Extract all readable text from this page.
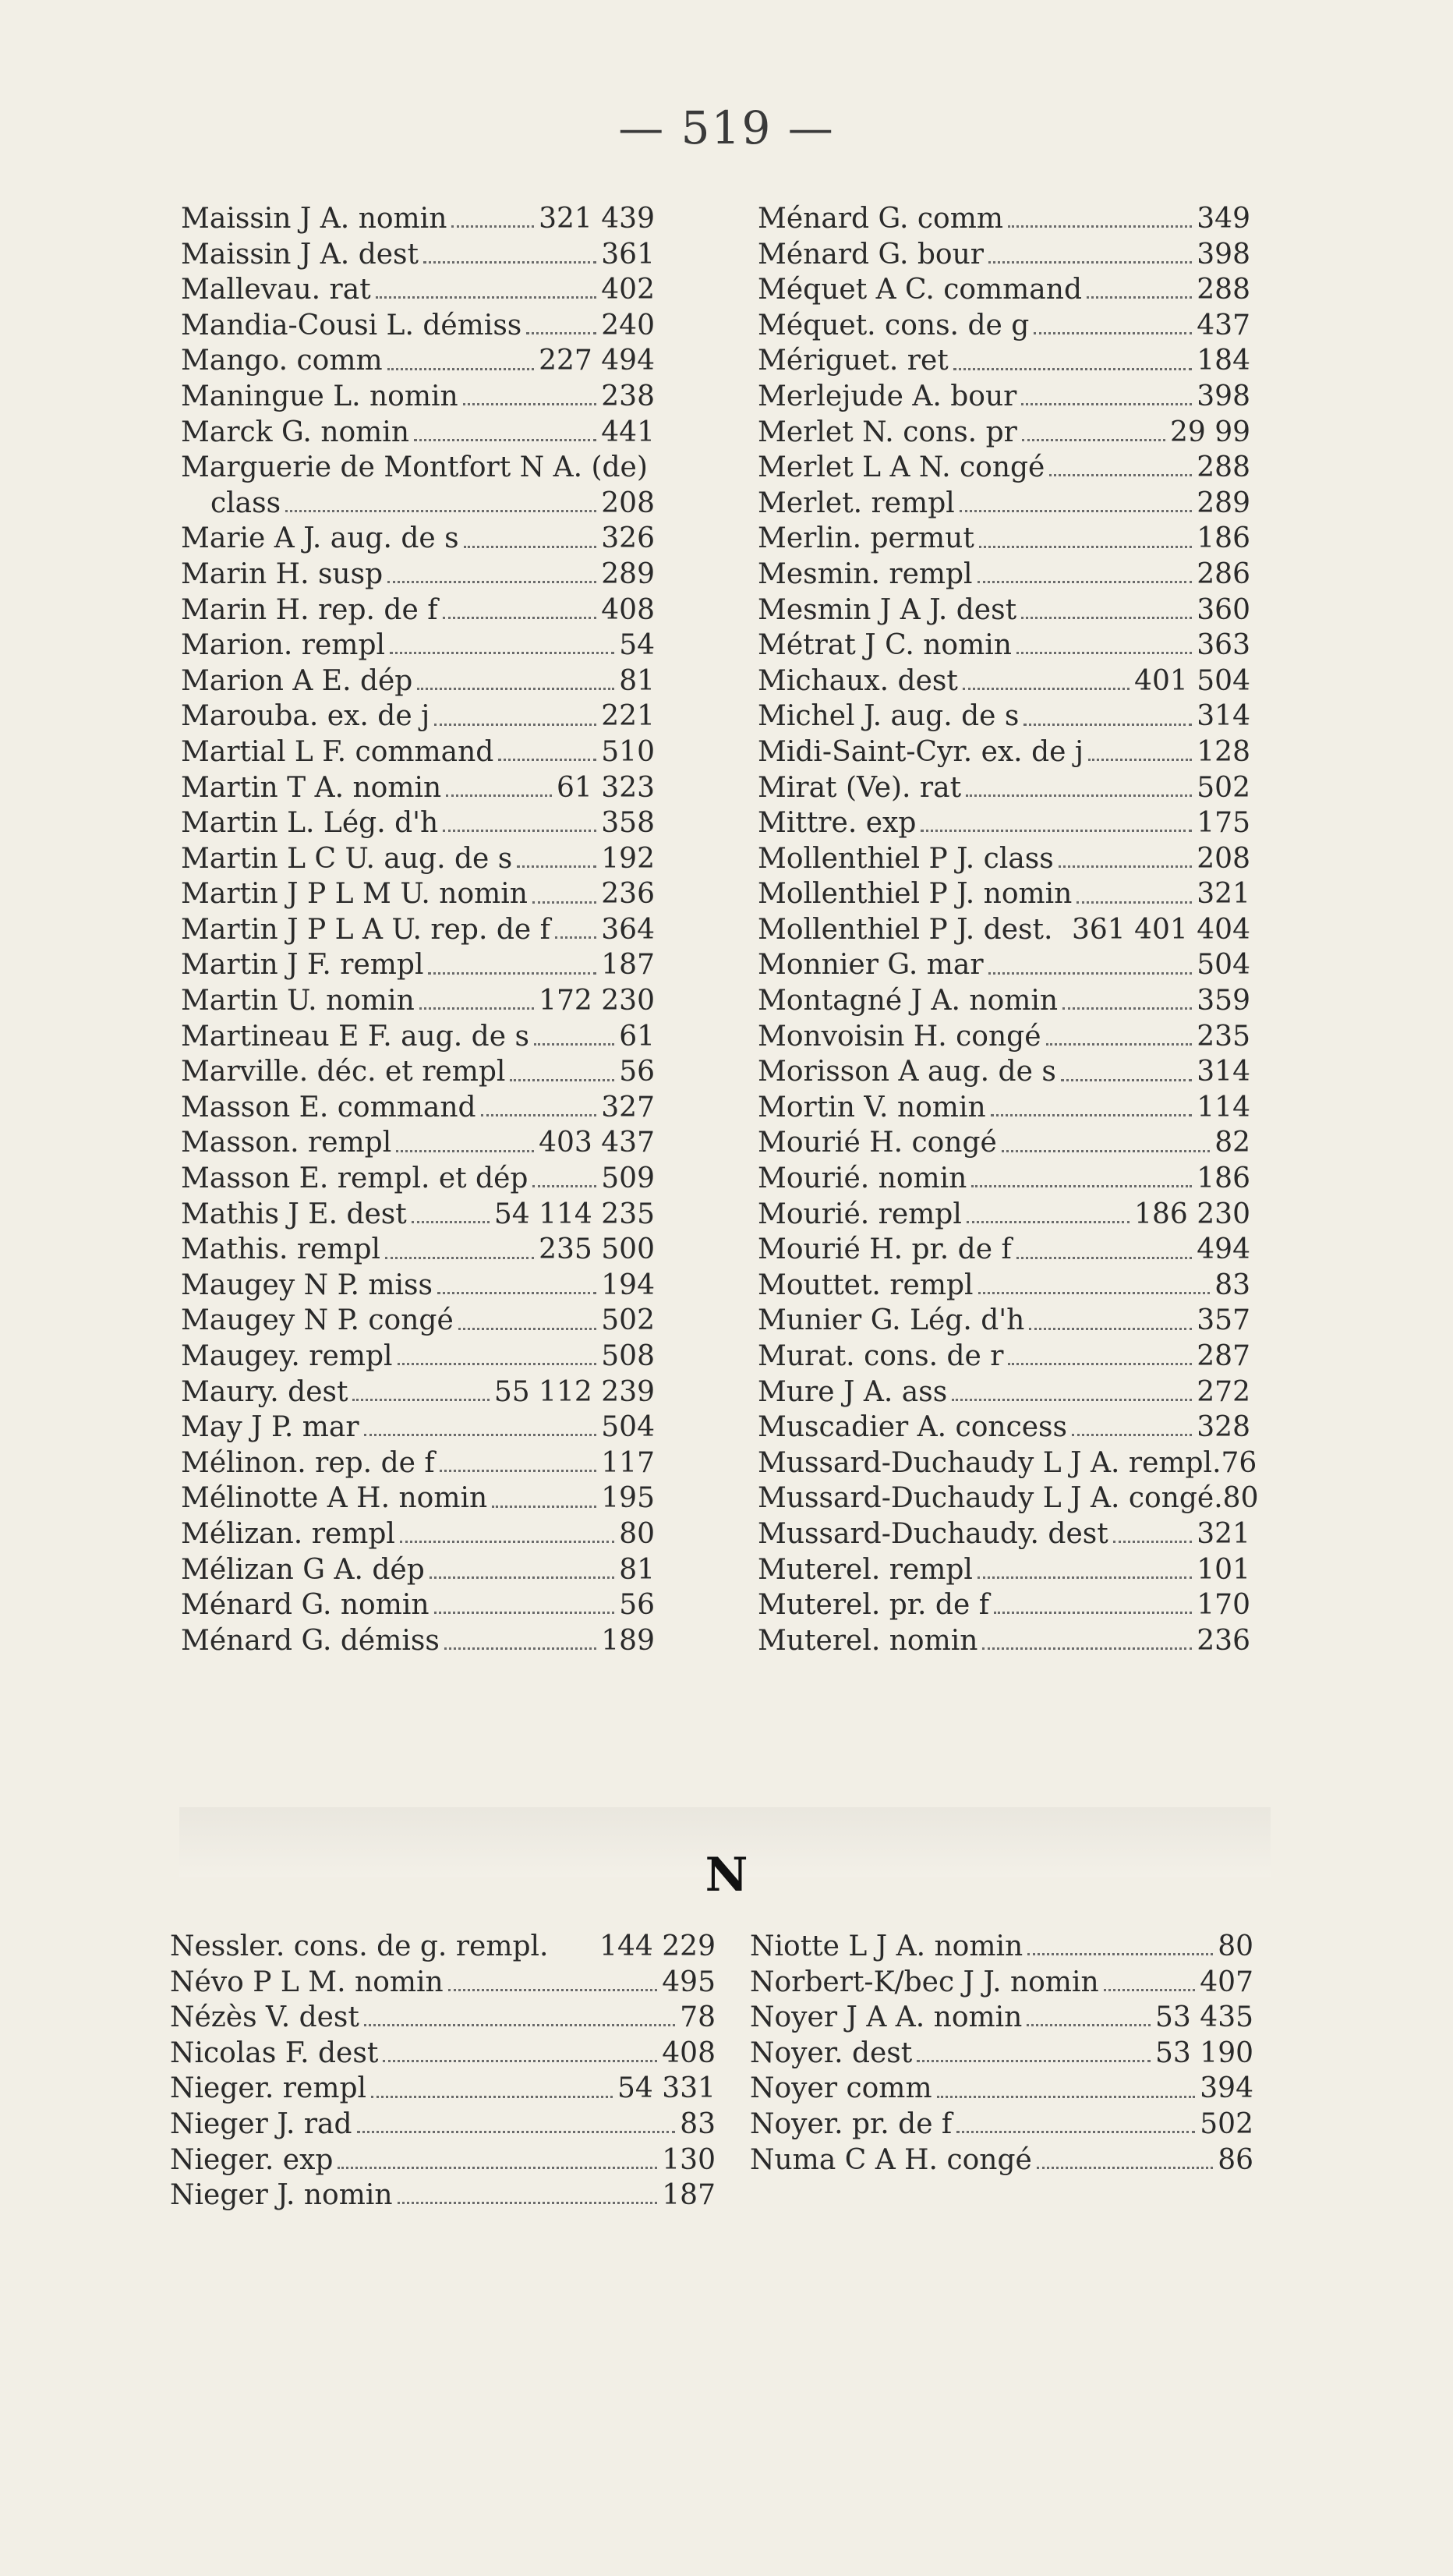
— 519 —
Maissin J A. nomin	321 439
Maissin J A. dest	361
Mallevau. rat	402
Mandia-Cousi L. démiss	240
Mango. comm	227 494
Maningue L. nomin	238
Marck G. nomin	441
Marguerie de Montfort N A. (de)
class	208
Marie A J. aug. de s	326
Marin H. susp	289
Marin H. rep. de f	408
Marion. rempl	54
Marion A E. dép	81
Marouba. ex. de j	221
Martial L F. command	510
Martin T A. nomin	61 323
Martin L. Lég. d'h	358
Martin L C U. aug. de s	192
Martin J P L M U. nomin	236
Martin J P L A U. rep. de f 364
Martin J F. rempl	187
Martin U. nomin	172 230
Martineau E F. aug. de s	61
Marville. déc. et rempl	56
Masson E. command	327
Masson. rempl	403 437
Masson E. rempl. et dép	509
Mathis J E. dest	54 114 235
Mathis. rempl	235 500
Maugey N P. miss	194
Maugey N P. congé	502
Maugey. rempl	508
Maury. dest	55 112 239
May J P. mar	504
Mélinon. rep. de f	117
Mélinotte A H. nomin	195
Mélizan. rempl	80
Mélizan G A. dép	81
Ménard G. nomin	56
Ménard G. démiss	189
Ménard G. comm	349
Ménard G. bour	398
Méquet A C. command	288
Méquet. cons. de g	437
Mériguet. ret	184
Merlejude A. bour	398
Merlet N. cons. pr	29 99
Merlet L A N. congé	288
Merlet. rempl	289
Merlin. permut	186
Mesmin. rempl	286
Mesmin J A J. dest	360
Métrat J C. nomin	363
Michaux. dest	401 504
Michel J. aug. de s	314
Midi-Saint-Cyr. ex. de j	128
Mirat (Ve). rat	502
Mittre. exp	175
Mollenthiel P J. class	208
Mollenthiel P J. nomin	321
Mollenthiel P J. dest. 361 401 404
Monnier G. mar	504
Montagné J A. nomin	359
Monvoisin H. congé	235
Morisson A aug. de s	314
Mortin V. nomin	114
Mourié H. congé	82
Mourié. nomin	186
Mourié. rempl	186 230
Mourié H. pr. de f	494
Mouttet. rempl	83
Munier G. Lég. d'h	357
Murat. cons. de r	287
Mure J A. ass	272
Muscadier A. concess	328
Mussard-Duchaudy L J A. rempl. 76
Mussard-Duchaudy L J A. congé. 80
Mussard-Duchaudy. dest	321
Muterel. rempl	101
Muterel. pr. de f	170
Muterel. nomin	236
N
Nessler. cons. de g. rempl.	144 229
Névo P L M. nomin	495
Nézès V. dest	78
Nicolas F. dest	408
Nieger. rempl	54 331
Nieger J. rad	83
Nieger. exp	130
Nieger J. nomin	187
Niotte L J A. nomin	80
Norbert-K/bec J J. nomin	407
Noyer J A A. nomin	53 435
Noyer. dest	53 190
Noyer comm	394
Noyer. pr. de f	502
Numa C A H. congé	86
